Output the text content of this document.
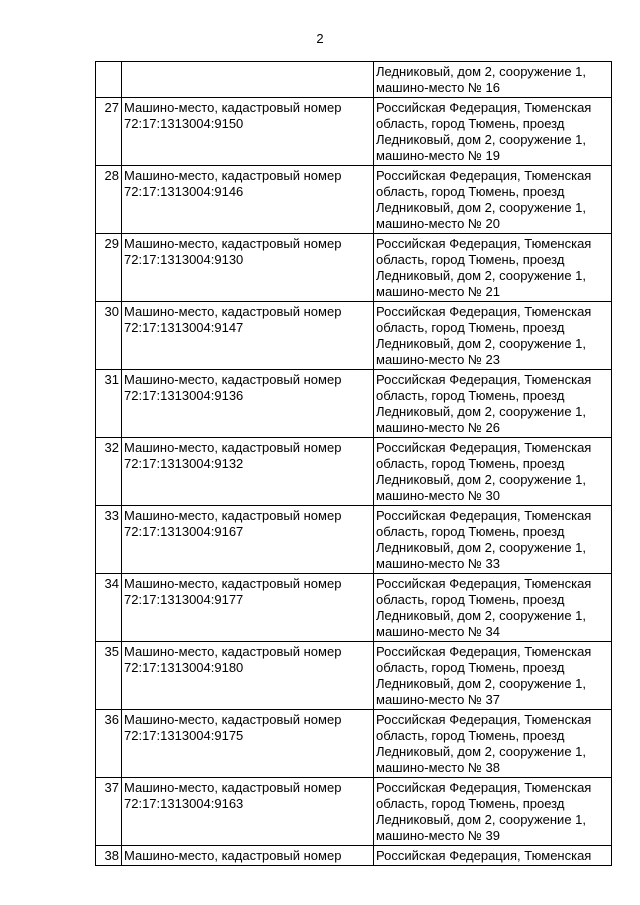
2

		Ледниковый, дом 2, сооружение 1,
машино-место № 16

27	Машино-место, кадастровый номер
72:17:1313004:9150	Российская Федерация, Тюменская
область, город Тюмень, проезд
Ледниковый, дом 2, сооружение 1,
машино-место № 19

28	Машино-место, кадастровый номер
72:17:1313004:9146	Российская Федерация, Тюменская
область, город Тюмень, проезд
Ледниковый, дом 2, сооружение 1,
машино-место № 20

29	Машино-место, кадастровый номер
72:17:1313004:9130	Российская Федерация, Тюменская
область, город Тюмень, проезд
Ледниковый, дом 2, сооружение 1,
машино-место № 21

30	Машино-место, кадастровый номер
72:17:1313004:9147	Российская Федерация, Тюменская
область, город Тюмень, проезд
Ледниковый, дом 2, сооружение 1,
машино-место № 23

31	Машино-место, кадастровый номер
72:17:1313004:9136	Российская Федерация, Тюменская
область, город Тюмень, проезд
Ледниковый, дом 2, сооружение 1,
машино-место № 26

32	Машино-место, кадастровый номер
72:17:1313004:9132	Российская Федерация, Тюменская
область, город Тюмень, проезд
Ледниковый, дом 2, сооружение 1,
машино-место № 30

33	Машино-место, кадастровый номер
72:17:1313004:9167	Российская Федерация, Тюменская
область, город Тюмень, проезд
Ледниковый, дом 2, сооружение 1,
машино-место № 33

34	Машино-место, кадастровый номер
72:17:1313004:9177	Российская Федерация, Тюменская
область, город Тюмень, проезд
Ледниковый, дом 2, сооружение 1,
машино-место № 34

35	Машино-место, кадастровый номер
72:17:1313004:9180	Российская Федерация, Тюменская
область, город Тюмень, проезд
Ледниковый, дом 2, сооружение 1,
машино-место № 37

36	Машино-место, кадастровый номер
72:17:1313004:9175	Российская Федерация, Тюменская
область, город Тюмень, проезд
Ледниковый, дом 2, сооружение 1,
машино-место № 38

37	Машино-место, кадастровый номер
72:17:1313004:9163	Российская Федерация, Тюменская
область, город Тюмень, проезд
Ледниковый, дом 2, сооружение 1,
машино-место № 39

38	Машино-место, кадастровый номер	Российская Федерация, Тюменская
